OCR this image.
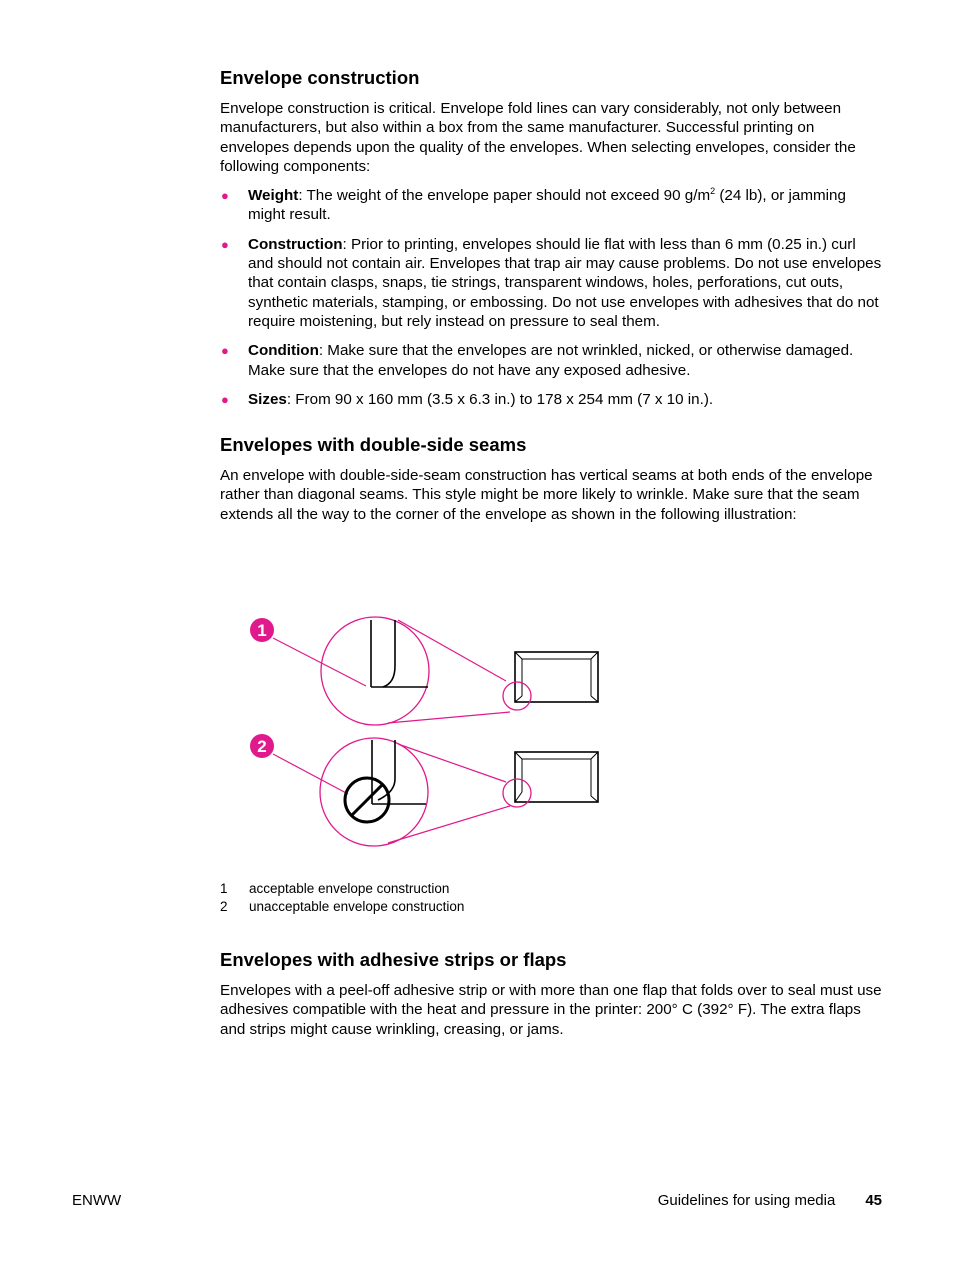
Envelope construction

Envelope construction is critical. Envelope fold lines can vary considerably, not only between manufacturers, but also within a box from the same manufacturer. Successful printing on envelopes depends upon the quality of the envelopes. When selecting envelopes, consider the following components:

● Weight: The weight of the envelope paper should not exceed 90 $g/m^2$ (24 lb), or jamming might result.
● Construction: Prior to printing, envelopes should lie flat with less than 6 mm (0.25 in.) curl and should not contain air. Envelopes that trap air may cause problems. Do not use envelopes that contain clasps, snaps, tie strings, transparent windows, holes, perforations, cut outs, synthetic materials, stamping, or embossing. Do not use envelopes with adhesives that do not require moistening, but rely instead on pressure to seal them.
● Condition: Make sure that the envelopes are not wrinkled, nicked, or otherwise damaged. Make sure that the envelopes do not have any exposed adhesive.
● Sizes: From 90 x 160 mm (3.5 x 6.3 in.) to 178 x 254 mm (7 x 10 in.).
Envelopes with double-side seams

An envelope with double-side-seam construction has vertical seams at both ends of the envelope rather than diagonal seams. This style might be more likely to wrinkle. Make sure that the seam extends all the way to the corner of the envelope as shown in the following illustration:

1
2
1	acceptable envelope construction
2	unacceptable envelope construction
Envelopes with adhesive strips or flaps

Envelopes with a peel-off adhesive strip or with more than one flap that folds over to seal must use adhesives compatible with the heat and pressure in the printer: 200° C (392° F). The extra flaps and strips might cause wrinkling, creasing, or jams.

ENWW	Guidelines for using media 45
